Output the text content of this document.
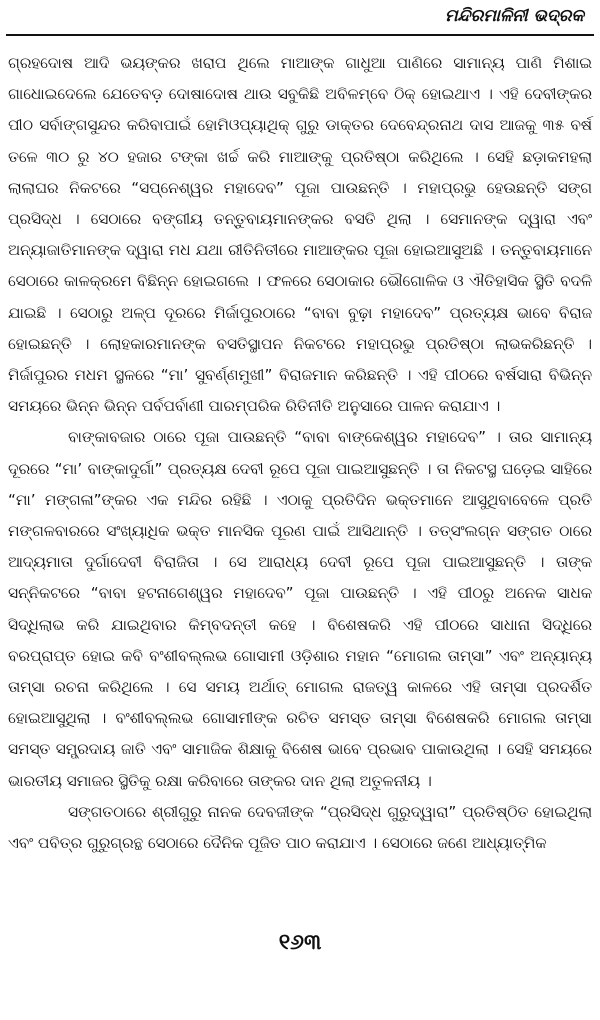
ମନ୍ଦିରମାଳିନୀ ଭଦ୍ରକ

ଗ୍ରହଦୋଷ ଆଦି ଭୟଙ୍କର ଖରାପ ଥିଲେ ମାଆଙ୍କ ଗାଧୁଆ ପାଣିରେ ସାମାନ୍ୟ ପାଣି ମିଶାଇ ଗାଧୋଇଦେଲେ ଯେତେବଡ଼ ଦୋଷାଦୋଷ ଥାଉ ସବୁକିଛି ଅବିଳମ୍ବେ ଠିକ୍ ହୋଇଥାଏ । ଏହି ଦେବୀଙ୍କର ପୀଠ ସର୍ବାଙ୍ଗସୁନ୍ଦର କରିବାପାଇଁ ହୋମିଓପ୍ୟାଥିକ୍ ଗୁରୁ ଡାକ୍ତର ଦେବେନ୍ଦ୍ରନାଥ ଦାସ ଆଜକୁ ୩୫ ବର୍ଷ ତଳେ ୩୦ ରୁ ୪୦ ହଜାର ଟଙ୍କା ଖର୍ଚ୍ଚ କରି ମାଆଙ୍କୁ ପ୍ରତିଷ୍ଠା କରିଥିଲେ । ସେହି ଛଡ଼ାକମହଲା ଲାଲାଘର ନିକଟରେ “ସପ୍ନେଶ୍ୱର ମହାଦେବ” ପୂଜା ପାଉଛନ୍ତି । ମହାପ୍ରଭୁ ହେଉଛନ୍ତି ସଙ୍ଗ ପ୍ରସିଦ୍ଧ । ସେଠାରେ ବଙ୍ଗୀୟ ତନ୍ତୁବାୟମାନଙ୍କର ବସତି ଥିଲା । ସେମାନଙ୍କ ଦ୍ୱାରା ଏବଂ ଅନ୍ୟାଜାତିମାନଙ୍କ ଦ୍ୱାରା ମଧ ଯଥା ରୀତିନିତୀରେ ମାଆଙ୍କର ପୂଜା ହୋଇଆସୁଅଛି । ତନ୍ତୁବାୟମାନେ ସେଠାରେ କାଳକ୍ରମେ ବିଛିନ୍ନ ହୋଇଗଲେ । ଫଳରେ ସେଠାକାର ଭୌଗୋଳିକ ଓ ଐତିହାସିକ ସ୍ଥିତି ବଦଳି ଯାଇଛି । ସେଠାରୁ ଅଳ୍ପ ଦୂରରେ ମିର୍ଜାପୁରଠାରେ “ବାବା ବୁଢ଼ା ମହାଦେବ” ପ୍ରତ୍ୟକ୍ଷ ଭାବେ ବିରାଜ ହୋଇଛନ୍ତି । ଲୋହକାରମାନଙ୍କ ବସତିସ୍ଥାପନ ନିକଟରେ ମହାପ୍ରଭୁ ପ୍ରତିଷ୍ଠା ଲାଭକରିଛନ୍ତି । ମିର୍ଜାପୁରର ମଧମ ସ୍ଥଳରେ “ମା’ ସୁବର୍ଣ୍ଣମୁଖୀ” ବିରାଜମାନ କରିଛନ୍ତି । ଏହି ପୀଠରେ ବର୍ଷସାରା ବିଭିନ୍ନ ସମୟରେ ଭିନ୍ନ ଭିନ୍ନ ପର୍ବପର୍ବାଣୀ ପାରମ୍ପରିକ ରିତିନୀତି ଅନୁସାରେ ପାଳନ କରାଯାଏ ।

ବାଙ୍କାବଜାର ଠାରେ ପୂଜା ପାଉଛନ୍ତି “ବାବା ବାଙ୍କେଶ୍ୱର ମହାଦେବ” । ତାର ସାମାନ୍ୟ ଦୂରରେ “ମା’ ବାଙ୍କାଦୁର୍ଗା” ପ୍ରତ୍ୟକ୍ଷ ଦେବୀ ରୂପେ ପୂଜା ପାଇଆସୁଛନ୍ତି । ତା ନିକଟସ୍ଥ ଘଡ଼େଇ ସାହିରେ “ମା’ ମଙ୍ଗଳା”ଙ୍କର ଏକ ମନ୍ଦିର ରହିଛି । ଏଠାକୁ ପ୍ରତିଦିନ ଭକ୍ତମାନେ ଆସୁଥିବାବେଳେ ପ୍ରତି ମଙ୍ଗଳବାରରେ ସଂଖ୍ୟାଧିକ ଭକ୍ତ ମାନସିକ ପୂରଣ ପାଇଁ ଆସିଥାନ୍ତି । ତତ୍ସଂଲଗ୍ନ ସଙ୍ଗତ ଠାରେ ଆଦ୍ୟମାତା ଦୁର୍ଗାଦେବୀ ବିରାଜିତା । ସେ ଆରାଧ୍ୟ ଦେବୀ ରୂପେ ପୂଜା ପାଇଆସୁଛନ୍ତି । ତାଙ୍କ ସନ୍ନିକଟରେ “ବାବା ହଟନାଗେଶ୍ୱର ମହାଦେବ” ପୂଜା ପାଉଛନ୍ତି । ଏହି ପୀଠରୁ ଅନେକ ସାଧକ ସିଦ୍ଧିଲାଭ କରି ଯାଇଥିବାର କିମ୍ବଦନ୍ତୀ କହେ । ବିଶେଷକରି ଏହି ପୀଠରେ ସାଧାନା ସିଦ୍ଧିରେ ବରପ୍ରାପ୍ତ ହୋଇ କବି ବଂଶୀବଲ୍ଲଭ ଗୋସାମୀ ଓଡ଼ିଶାର ମହାନ “ମୋଗଲ ତାମ୍ସା” ଏବଂ ଅନ୍ୟାନ୍ୟ ତାମ୍ସା ରଚନା କରିଥିଲେ । ସେ ସମୟ ଅର୍ଥାତ୍ ମୋଗଲ ରାଜତ୍ୱ କାଳରେ ଏହି ତାମ୍ସା ପ୍ରଦର୍ଶିତ ହୋଇଆସୁଥିଲା । ବଂଶୀବଲ୍ଲଭ ଗୋସାମୀଙ୍କ ରଚିତ ସମସ୍ତ ତାମ୍ସା ବିଶେଷକରି ମୋଗଲ ତାମ୍ସା ସମସ୍ତ ସମ୍ପ୍ରଦାୟ ଜାତି ଏବଂ ସାମାଜିକ ଶିକ୍ଷାକୁ ବିଶେଷ ଭାବେ ପ୍ରଭାବ ପାକାଉଥିଲା । ସେହି ସମୟରେ ଭାରତୀୟ ସମାଜର ସ୍ଥିତିକୁ ରକ୍ଷା କରିବାରେ ତାଙ୍କର ଦାନ ଥିଲା ଅତୁଳନୀୟ ।

ସଙ୍ଗତଠାରେ ଶ୍ରୀଗୁରୁ ନାନକ ଦେବଜୀଙ୍କ “ପ୍ରସିଦ୍ଧ ଗୁରୁଦ୍ୱାରା” ପ୍ରତିଷ୍ଠିତ ହୋଇଥିଲା ଏବଂ ପବିତ୍ର ଗୁରୁଗ୍ରନ୍ଥ ସେଠାରେ ଦୈନିକ ପୂଜିତ ପାଠ କରାଯାଏ । ସେଠାରେ ଜଣେ ଆଧ୍ୟାତ୍ମିକ

୧୬୩
